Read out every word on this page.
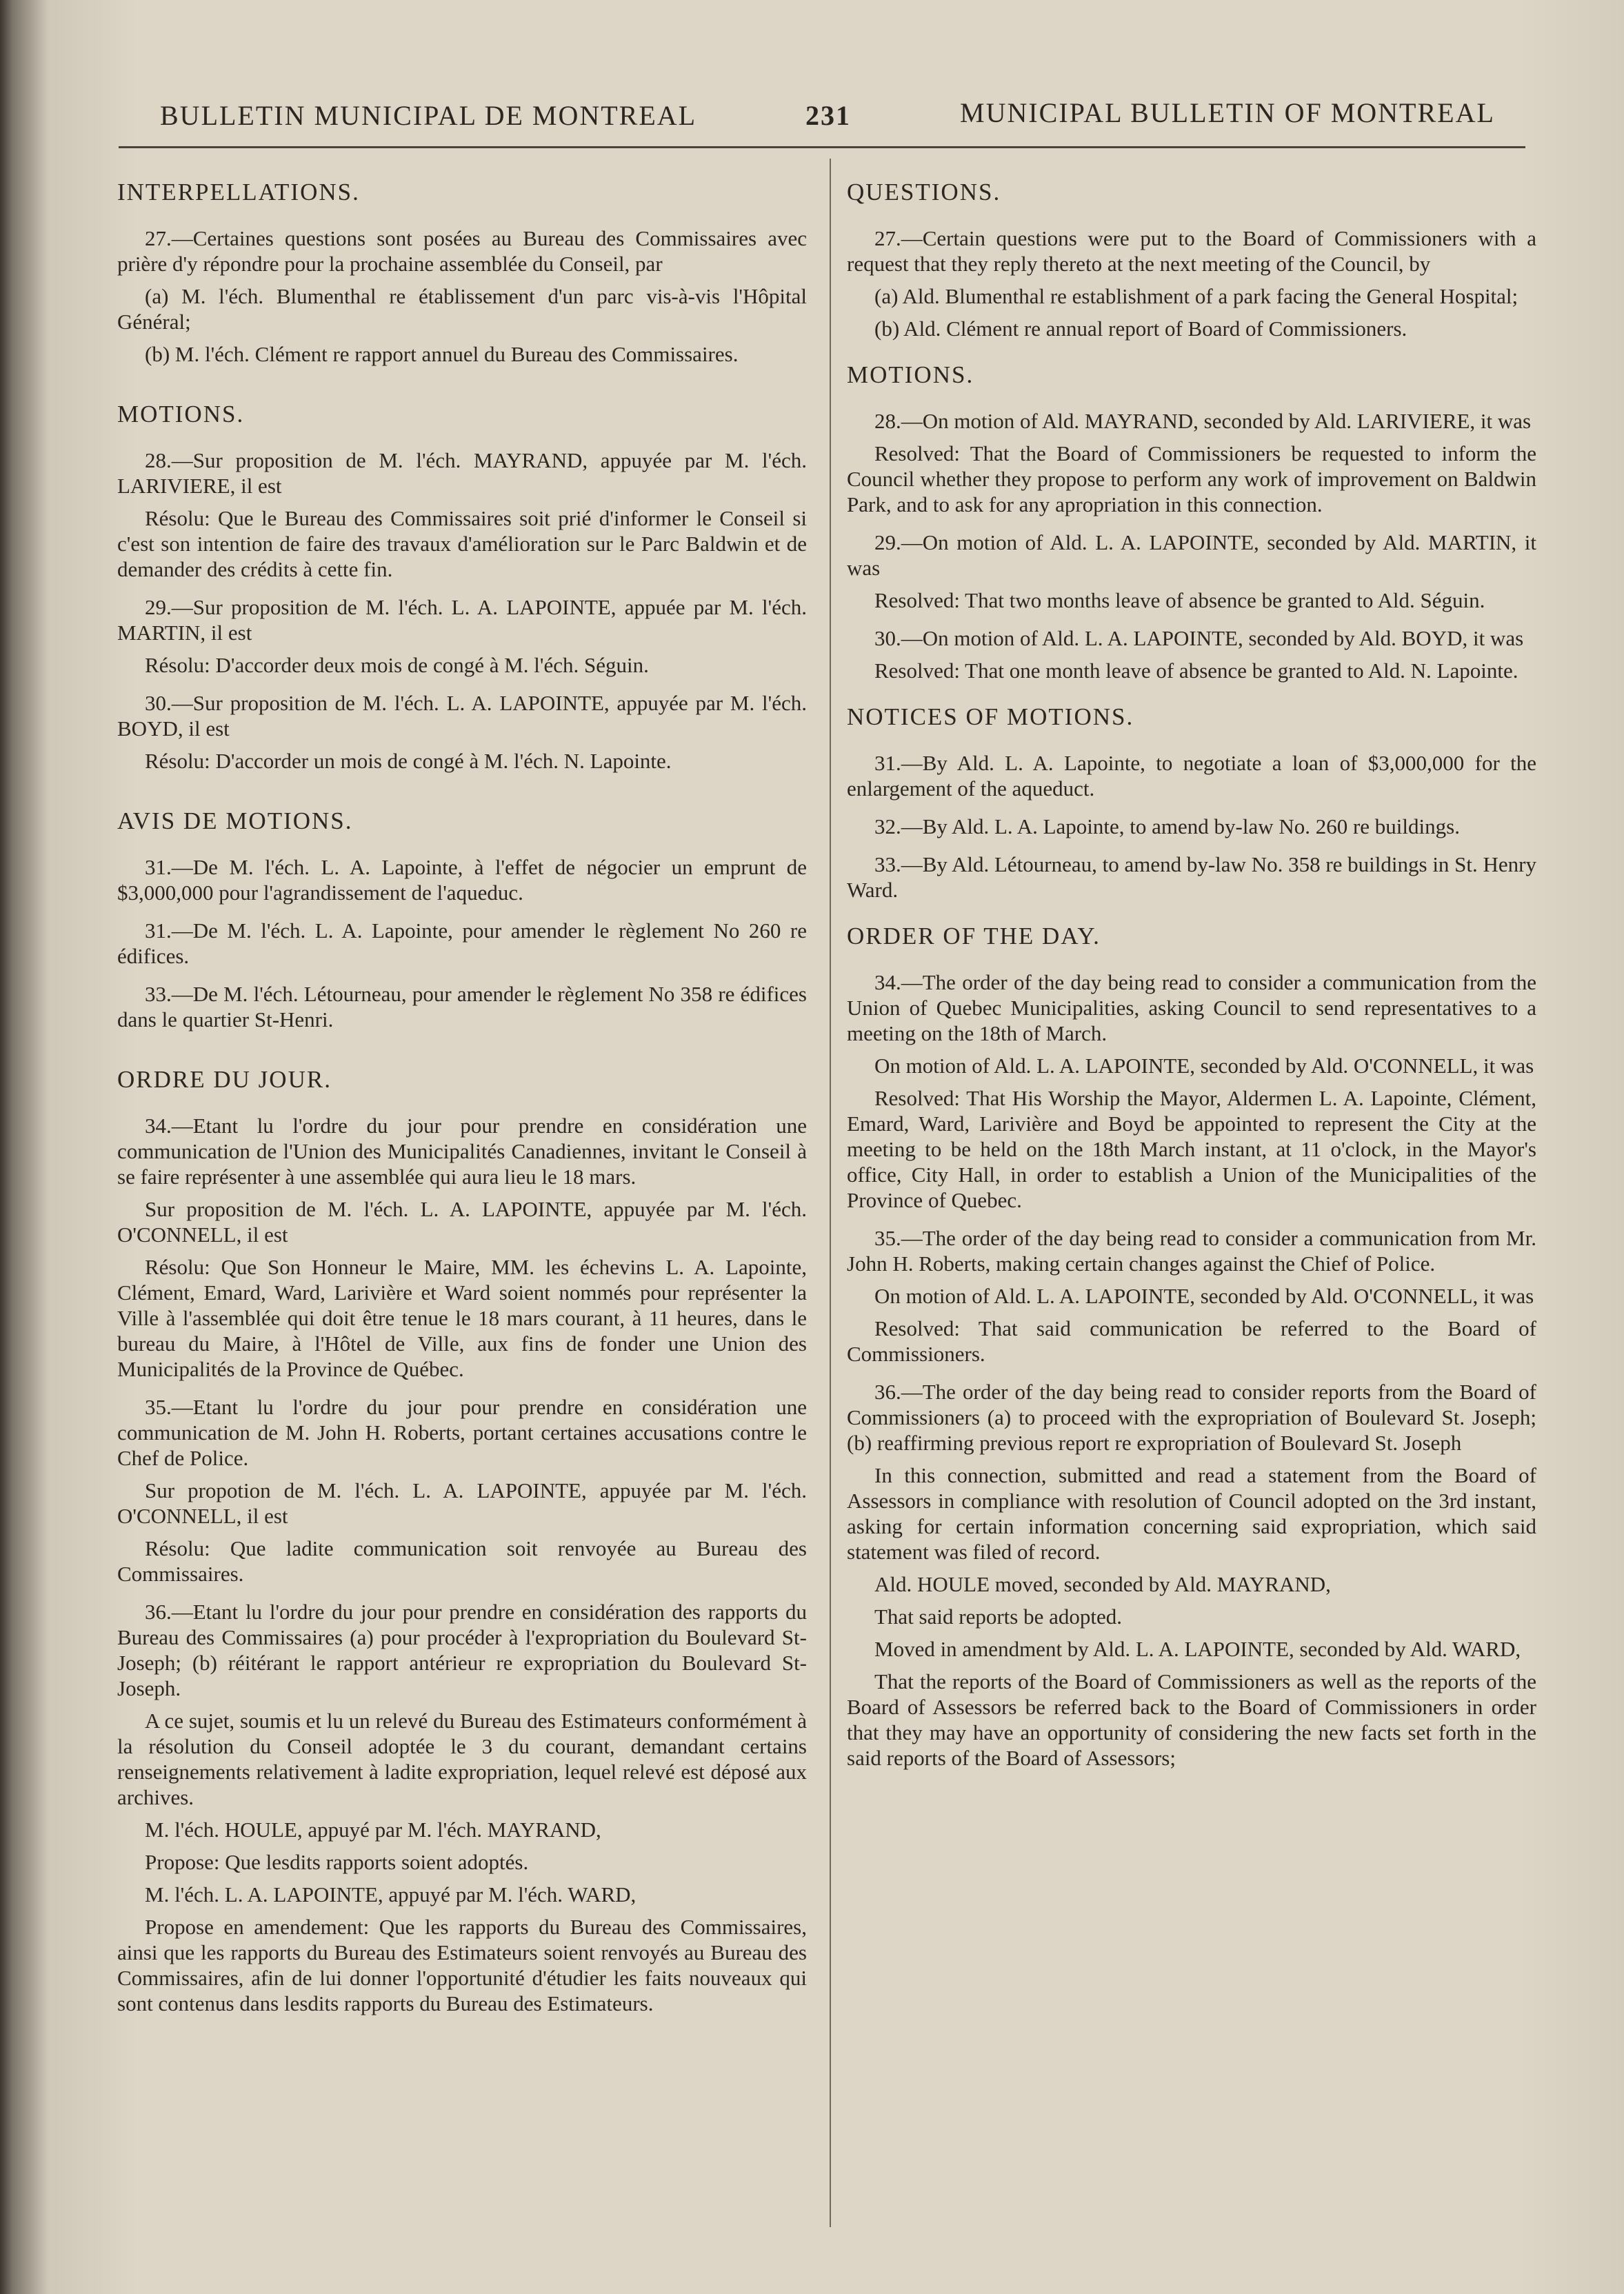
BULLETIN MUNICIPAL DE MONTREAL	231	MUNICIPAL BULLETIN OF MONTREAL
INTERPELLATIONS.

27.—Certaines questions sont posées au Bureau des Commissaires avec prière d'y répondre pour la prochaine assemblée du Conseil, par

(a) M. l'éch. Blumenthal re établissement d'un parc vis-à-vis l'Hôpital Général;

(b) M. l'éch. Clément re rapport annuel du Bureau des Commissaires.

MOTIONS.

28.—Sur proposition de M. l'éch. MAYRAND, appuyée par M. l'éch. LARIVIERE, il est

Résolu: Que le Bureau des Commissaires soit prié d'informer le Conseil si c'est son intention de faire des travaux d'amélioration sur le Parc Baldwin et de demander des crédits à cette fin.

29.—Sur proposition de M. l'éch. L. A. LAPOINTE, appuée par M. l'éch. MARTIN, il est

Résolu: D'accorder deux mois de congé à M. l'éch. Séguin.

30.—Sur proposition de M. l'éch. L. A. LAPOINTE, appuyée par M. l'éch. BOYD, il est

Résolu: D'accorder un mois de congé à M. l'éch. N. Lapointe.

AVIS DE MOTIONS.

31.—De M. l'éch. L. A. Lapointe, à l'effet de négocier un emprunt de $3,000,000 pour l'agrandissement de l'aqueduc.

31.—De M. l'éch. L. A. Lapointe, pour amender le règlement No 260 re édifices.

33.—De M. l'éch. Létourneau, pour amender le règlement No 358 re édifices dans le quartier St-Henri.

ORDRE DU JOUR.

34.—Etant lu l'ordre du jour pour prendre en considération une communication de l'Union des Municipalités Canadiennes, invitant le Conseil à se faire représenter à une assemblée qui aura lieu le 18 mars.

Sur proposition de M. l'éch. L. A. LAPOINTE, appuyée par M. l'éch. O'CONNELL, il est

Résolu: Que Son Honneur le Maire, MM. les échevins L. A. Lapointe, Clément, Emard, Ward, Larivière et Ward soient nommés pour représenter la Ville à l'assemblée qui doit être tenue le 18 mars courant, à 11 heures, dans le bureau du Maire, à l'Hôtel de Ville, aux fins de fonder une Union des Municipalités de la Province de Québec.

35.—Etant lu l'ordre du jour pour prendre en considération une communication de M. John H. Roberts, portant certaines accusations contre le Chef de Police.

Sur propotion de M. l'éch. L. A. LAPOINTE, appuyée par M. l'éch. O'CONNELL, il est

Résolu: Que ladite communication soit renvoyée au Bureau des Commissaires.

36.—Etant lu l'ordre du jour pour prendre en considération des rapports du Bureau des Commissaires (a) pour procéder à l'expropriation du Boulevard St-Joseph; (b) réitérant le rapport antérieur re expropriation du Boulevard St-Joseph.

A ce sujet, soumis et lu un relevé du Bureau des Estimateurs conformément à la résolution du Conseil adoptée le 3 du courant, demandant certains renseignements relativement à ladite expropriation, lequel relevé est déposé aux archives.

M. l'éch. HOULE, appuyé par M. l'éch. MAYRAND,

Propose: Que lesdits rapports soient adoptés.

M. l'éch. L. A. LAPOINTE, appuyé par M. l'éch. WARD,

Propose en amendement: Que les rapports du Bureau des Commissaires, ainsi que les rapports du Bureau des Estimateurs soient renvoyés au Bureau des Commissaires, afin de lui donner l'opportunité d'étudier les faits nouveaux qui sont contenus dans lesdits rapports du Bureau des Estimateurs.

QUESTIONS.

27.—Certain questions were put to the Board of Commissioners with a request that they reply thereto at the next meeting of the Council, by

(a) Ald. Blumenthal re establishment of a park facing the General Hospital;

(b) Ald. Clément re annual report of Board of Commissioners.

MOTIONS.

28.—On motion of Ald. MAYRAND, seconded by Ald. LARIVIERE, it was

Resolved: That the Board of Commissioners be requested to inform the Council whether they propose to perform any work of improvement on Baldwin Park, and to ask for any apropriation in this connection.

29.—On motion of Ald. L. A. LAPOINTE, seconded by Ald. MARTIN, it was

Resolved: That two months leave of absence be granted to Ald. Séguin.

30.—On motion of Ald. L. A. LAPOINTE, seconded by Ald. BOYD, it was

Resolved: That one month leave of absence be granted to Ald. N. Lapointe.

NOTICES OF MOTIONS.

31.—By Ald. L. A. Lapointe, to negotiate a loan of $3,000,000 for the enlargement of the aqueduct.

32.—By Ald. L. A. Lapointe, to amend by-law No. 260 re buildings.

33.—By Ald. Létourneau, to amend by-law No. 358 re buildings in St. Henry Ward.

ORDER OF THE DAY.

34.—The order of the day being read to consider a communication from the Union of Quebec Municipalities, asking Council to send representatives to a meeting on the 18th of March.

On motion of Ald. L. A. LAPOINTE, seconded by Ald. O'CONNELL, it was

Resolved: That His Worship the Mayor, Aldermen L. A. Lapointe, Clément, Emard, Ward, Larivière and Boyd be appointed to represent the City at the meeting to be held on the 18th March instant, at 11 o'clock, in the Mayor's office, City Hall, in order to establish a Union of the Municipalities of the Province of Quebec.

35.—The order of the day being read to consider a communication from Mr. John H. Roberts, making certain changes against the Chief of Police.

On motion of Ald. L. A. LAPOINTE, seconded by Ald. O'CONNELL, it was

Resolved: That said communication be referred to the Board of Commissioners.

36.—The order of the day being read to consider reports from the Board of Commissioners (a) to proceed with the expropriation of Boulevard St. Joseph; (b) reaffirming previous report re expropriation of Boulevard St. Joseph

In this connection, submitted and read a statement from the Board of Assessors in compliance with resolution of Council adopted on the 3rd instant, asking for certain information concerning said expropriation, which said statement was filed of record.

Ald. HOULE moved, seconded by Ald. MAYRAND,

That said reports be adopted.

Moved in amendment by Ald. L. A. LAPOINTE, seconded by Ald. WARD,

That the reports of the Board of Commissioners as well as the reports of the Board of Assessors be referred back to the Board of Commissioners in order that they may have an opportunity of considering the new facts set forth in the said reports of the Board of Assessors;
